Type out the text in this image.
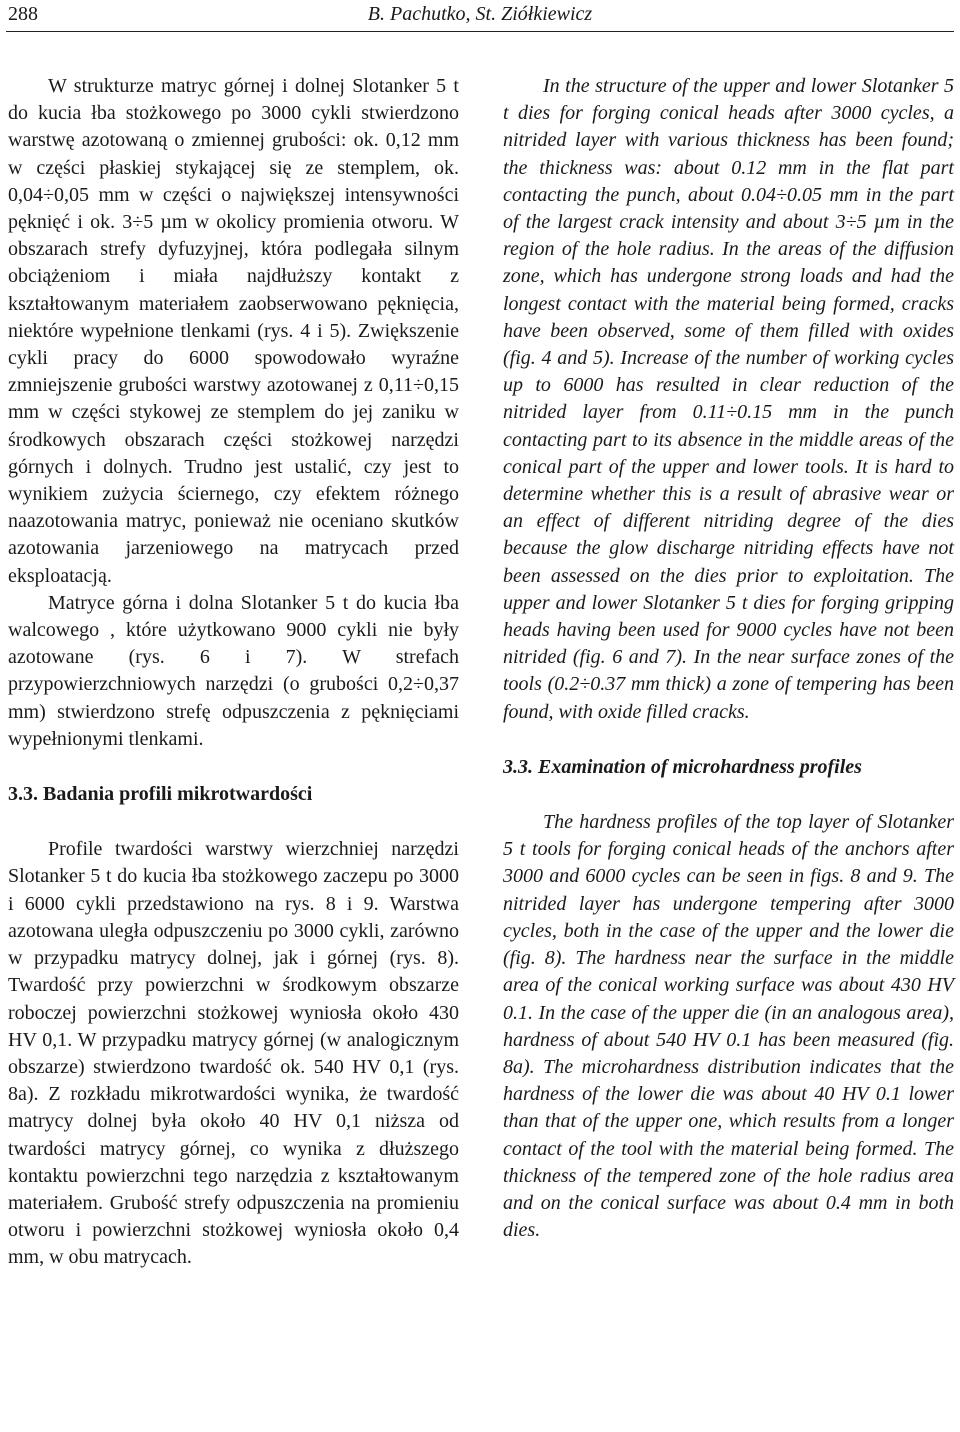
288	B. Pachutko, St. Ziółkiewicz

W strukturze matryc górnej i dolnej Slotanker 5 t do kucia łba stożkowego po 3000 cykli stwierdzono warstwę azotowaną o zmiennej grubości: ok. 0,12 mm w części płaskiej stykającej się ze stemplem, ok. 0,04÷0,05 mm w części o największej intensywności pęknięć i ok. 3÷5 µm w okolicy promienia otworu. W obszarach strefy dyfuzyjnej, która podlegała silnym obciążeniom i miała najdłuższy kontakt z kształtowanym materiałem zaobserwowano pęknięcia, niektóre wypełnione tlenkami (rys. 4 i 5). Zwiększenie cykli pracy do 6000 spowodowało wyraźne zmniejszenie grubości warstwy azotowanej z 0,11÷0,15 mm w części stykowej ze stemplem do jej zaniku w środkowych obszarach części stożkowej narzędzi górnych i dolnych. Trudno jest ustalić, czy jest to wynikiem zużycia ściernego, czy efektem różnego naazotowania matryc, ponieważ nie oceniano skutków azotowania jarzeniowego na matrycach przed eksploatacją.

Matryce górna i dolna Slotanker 5 t do kucia łba walcowego , które użytkowano 9000 cykli nie były azotowane (rys. 6 i 7). W strefach przypowierzchniowych narzędzi (o grubości 0,2÷0,37 mm) stwierdzono strefę odpuszczenia z pęknięciami wypełnionymi tlenkami.

3.3. Badania profili mikrotwardości

Profile twardości warstwy wierzchniej narzędzi Slotanker 5 t do kucia łba stożkowego zaczepu po 3000 i 6000 cykli przedstawiono na rys. 8 i 9. Warstwa azotowana uległa odpuszczeniu po 3000 cykli, zarówno w przypadku matrycy dolnej, jak i górnej (rys. 8). Twardość przy powierzchni w środkowym obszarze roboczej powierzchni stożkowej wyniosła około 430 HV 0,1. W przypadku matrycy górnej (w analogicznym obszarze) stwierdzono twardość ok. 540 HV 0,1 (rys. 8a). Z rozkładu mikrotwardości wynika, że twardość matrycy dolnej była około 40 HV 0,1 niższa od twardości matrycy górnej, co wynika z dłuższego kontaktu powierzchni tego narzędzia z kształtowanym materiałem. Grubość strefy odpuszczenia na promieniu otworu i powierzchni stożkowej wyniosła około 0,4 mm, w obu matrycach.

In the structure of the upper and lower Slotanker 5 t dies for forging conical heads after 3000 cycles, a nitrided layer with various thickness has been found; the thickness was: about 0.12 mm in the flat part contacting the punch, about 0.04÷0.05 mm in the part of the largest crack intensity and about 3÷5 µm in the region of the hole radius. In the areas of the diffusion zone, which has undergone strong loads and had the longest contact with the material being formed, cracks have been observed, some of them filled with oxides (fig. 4 and 5). Increase of the number of working cycles up to 6000 has resulted in clear reduction of the nitrided layer from 0.11÷0.15 mm in the punch contacting part to its absence in the middle areas of the conical part of the upper and lower tools. It is hard to determine whether this is a result of abrasive wear or an effect of different nitriding degree of the dies because the glow discharge nitriding effects have not been assessed on the dies prior to exploitation. The upper and lower Slotanker 5 t dies for forging gripping heads having been used for 9000 cycles have not been nitrided (fig. 6 and 7). In the near surface zones of the tools (0.2÷0.37 mm thick) a zone of tempering has been found, with oxide filled cracks.

3.3. Examination of microhardness profiles

The hardness profiles of the top layer of Slotanker 5 t tools for forging conical heads of the anchors after 3000 and 6000 cycles can be seen in figs. 8 and 9. The nitrided layer has undergone tempering after 3000 cycles, both in the case of the upper and the lower die (fig. 8). The hardness near the surface in the middle area of the conical working surface was about 430 HV 0.1. In the case of the upper die (in an analogous area), hardness of about 540 HV 0.1 has been measured (fig. 8a). The microhardness distribution indicates that the hardness of the lower die was about 40 HV 0.1 lower than that of the upper one, which results from a longer contact of the tool with the material being formed. The thickness of the tempered zone of the hole radius area and on the conical surface was about 0.4 mm in both dies.
